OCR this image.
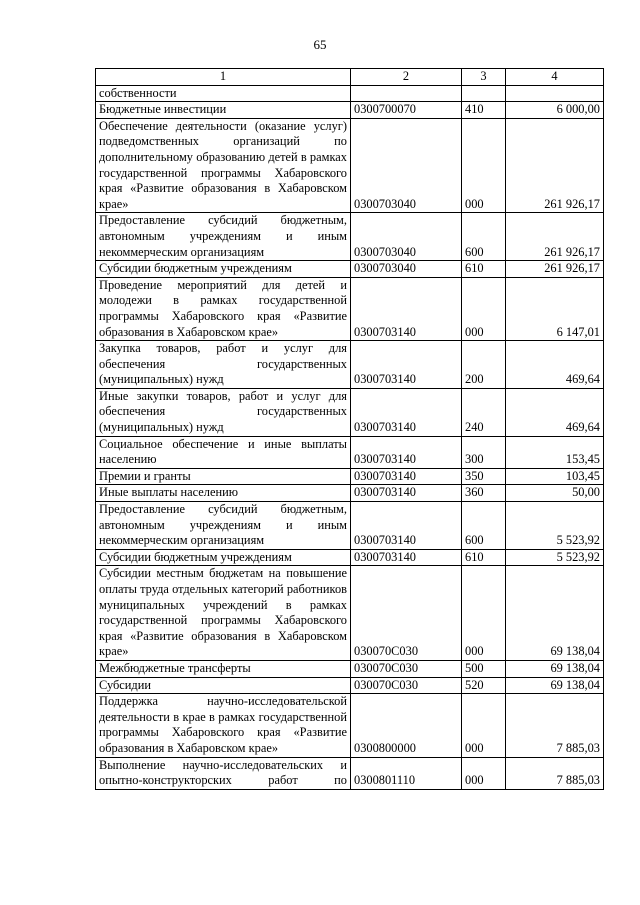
65
1	2	3	4
собственности			
Бюджетные инвестиции	0300700070	410	6 000,00
Обеспечение деятельности (оказание услуг) подведомственных организаций по дополнительному образованию детей в рамках государственной программы Хабаровского края «Развитие образования в Хабаровском крае»	0300703040	000	261 926,17
Предоставление субсидий бюджетным, автономным учреждениям и иным некоммерческим организациям	0300703040	600	261 926,17
Субсидии бюджетным учреждениям	0300703040	610	261 926,17
Проведение мероприятий для детей и молодежи в рамках государственной программы Хабаровского края «Развитие образования в Хабаровском крае»	0300703140	000	6 147,01
Закупка товаров, работ и услуг для обеспечения государственных (муниципальных) нужд	0300703140	200	469,64
Иные закупки товаров, работ и услуг для обеспечения государственных (муниципальных) нужд	0300703140	240	469,64
Социальное обеспечение и иные выплаты населению	0300703140	300	153,45
Премии и гранты	0300703140	350	103,45
Иные выплаты населению	0300703140	360	50,00
Предоставление субсидий бюджетным, автономным учреждениям и иным некоммерческим организациям	0300703140	600	5 523,92
Субсидии бюджетным учреждениям	0300703140	610	5 523,92
Субсидии местным бюджетам на повышение оплаты труда отдельных категорий работников муниципальных учреждений в рамках государственной программы Хабаровского края «Развитие образования в Хабаровском крае»	030070С030	000	69 138,04
Межбюджетные трансферты	030070С030	500	69 138,04
Субсидии	030070С030	520	69 138,04
Поддержка научно-исследовательской деятельности в крае в рамках государственной программы Хабаровского края «Развитие образования в Хабаровском крае»	0300800000	000	7 885,03
Выполнение научно-исследовательских и опытно-конструкторских работ по	0300801110	000	7 885,03
